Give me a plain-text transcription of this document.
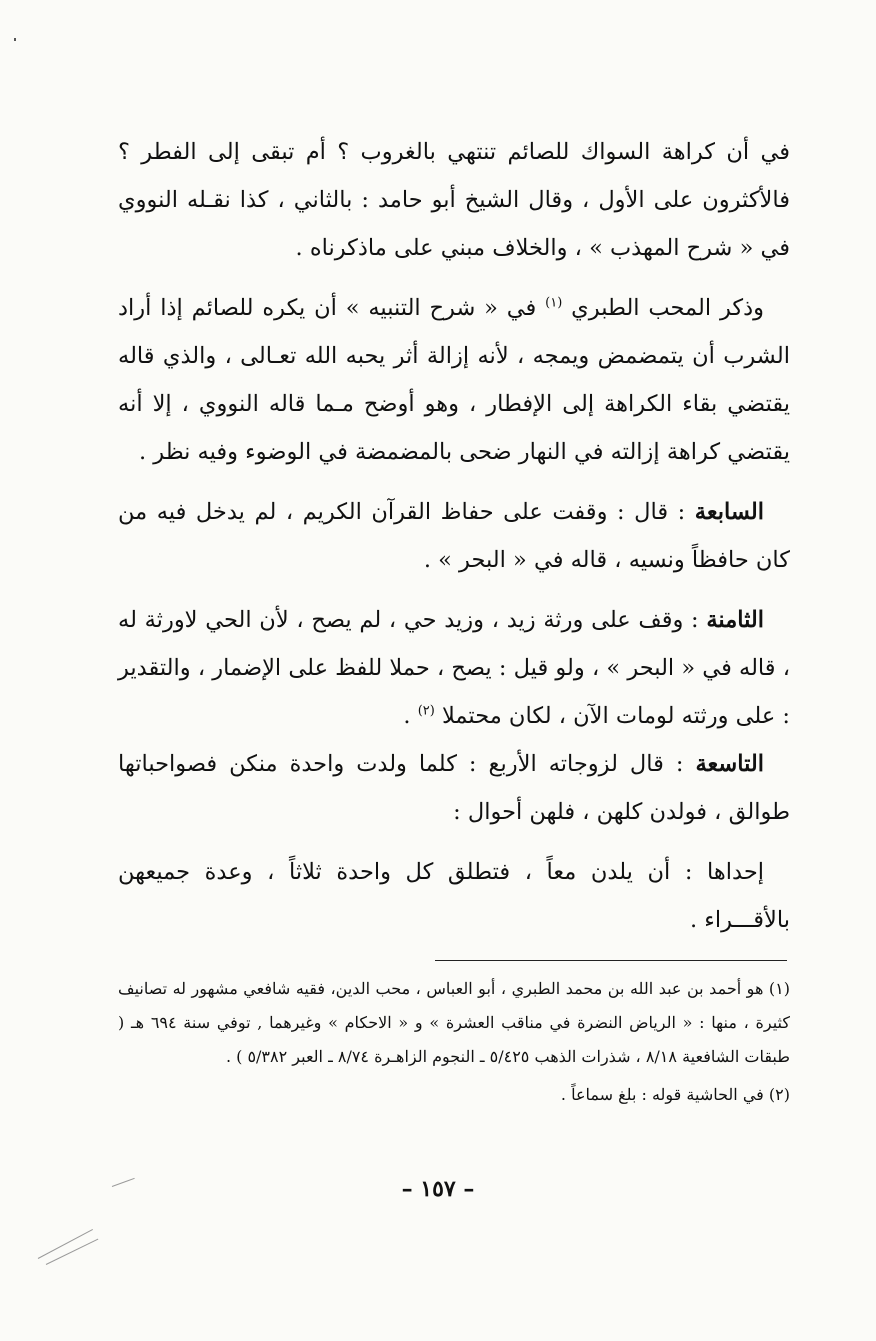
في أن كراهة السواك للصائم تنتهي بالغروب ؟ أم تبقى إلى الفطر ؟ فالأكثرون على الأول ، وقال الشيخ أبو حامد : بالثاني ، كذا نقـله النووي في « شرح المهذب » ، والخلاف مبني على ماذكرناه .

وذكر المحب الطبري $^{(١)}$ في « شرح التنبيه » أن يكره للصائم إذا أراد الشرب أن يتمضمض ويمجه ، لأنه إزالة أثر يحبه الله تعـالى ، والذي قاله يقتضي بقاء الكراهة إلى الإفطار ، وهو أوضح مـما قاله النووي ، إلا أنه يقتضي كراهة إزالته في النهار ضحى بالمضمضة في الوضوء وفيه نظر .

السابعة : قال : وقفت على حفاظ القرآن الكريم ، لم يدخل فيه من كان حافظاً ونسيه ، قاله في « البحر » .

الثامنة : وقف على ورثة زيد ، وزيد حي ، لم يصح ، لأن الحي لاورثة له ، قاله في « البحر » ، ولو قيل : يصح ، حملا للفظ على الإضمار ، والتقدير : على ورثته لومات الآن ، لكان محتملا $^{(٢)}$ .

التاسعة : قال لزوجاته الأربع : كلما ولدت واحدة منكن فصواحباتها طوالق ، فولدن كلهن ، فلهن أحوال :

إحداها : أن يلدن معاً ، فتطلق كل واحدة ثلاثاً ، وعدة جميعهن بالأقـــراء .

(١) هو أحمد بن عبد الله بن محمد الطبري ، أبو العباس ، محب الدين، فقيه شافعي مشهور له تصانيف كثيرة ، منها : « الرياض النضرة في مناقب العشرة » و « الاحكام » وغيرهما , توفي سنة ٦٩٤ هـ ( طبقات الشافعية ٨/١٨ ، شذرات الذهب ٥/٤٢٥ ـ النجوم الزاهـرة ٨/٧٤ ـ العبر ٥/٣٨٢ ) .

(٢) في الحاشية قوله : بلغ سماعاً .

– ١٥٧ –
